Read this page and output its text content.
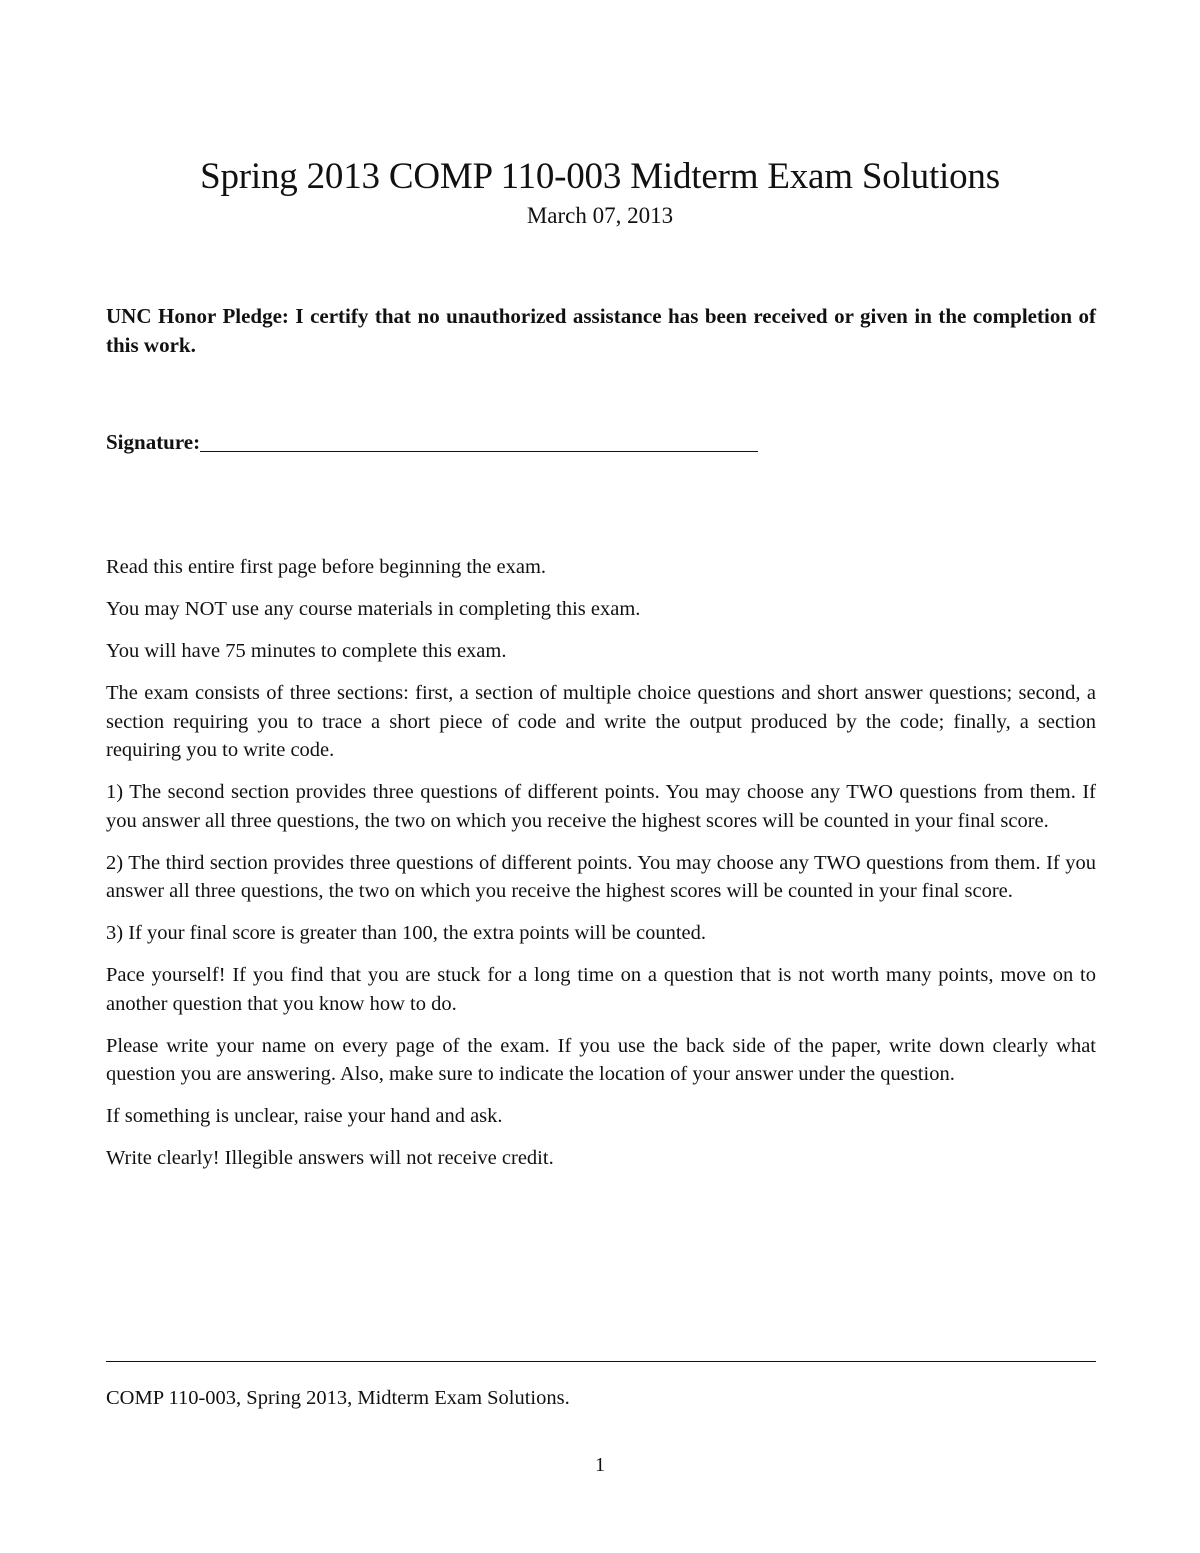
Spring 2013 COMP 110-003 Midterm Exam Solutions
March 07, 2013
UNC Honor Pledge: I certify that no unauthorized assistance has been received or given in the completion of this work.
Signature:

Read this entire first page before beginning the exam.

You may NOT use any course materials in completing this exam.

You will have 75 minutes to complete this exam.

The exam consists of three sections: first, a section of multiple choice questions and short answer questions; second, a section requiring you to trace a short piece of code and write the output produced by the code; finally, a section requiring you to write code.

1) The second section provides three questions of different points. You may choose any TWO questions from them. If you answer all three questions, the two on which you receive the highest scores will be counted in your final score.

2) The third section provides three questions of different points. You may choose any TWO questions from them. If you answer all three questions, the two on which you receive the highest scores will be counted in your final score.

3) If your final score is greater than 100, the extra points will be counted.

Pace yourself! If you find that you are stuck for a long time on a question that is not worth many points, move on to another question that you know how to do.

Please write your name on every page of the exam. If you use the back side of the paper, write down clearly what question you are answering. Also, make sure to indicate the location of your answer under the question.

If something is unclear, raise your hand and ask.

Write clearly! Illegible answers will not receive credit.

COMP 110-003, Spring 2013, Midterm Exam Solutions.
1
